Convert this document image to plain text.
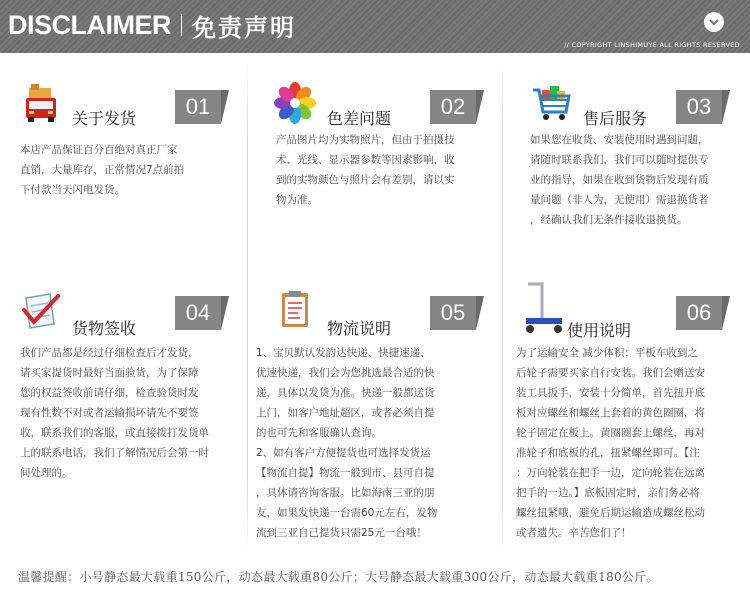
DISCLAIMER 免责声明
// COPYRIGHT LINSHIMUYE ALL RIGHTS RESERVED
关于发货	01
本店产品保证百分百绝对真正厂家
直销，大量库存，正常情况7点前拍
下付款当天闪电发货。
色差问题	02
产品图片均为实物照片，但由于拍摄技
术、光线、显示器参数等因素影响，收
到的实物颜色与照片会有差别，请以实
物为准。
售后服务	03
如果您在收货、安装使用时遇到问题，
请随时联系我们，我们可以随时提供专
业的指导，如果在收到货物后发现有质
量问题（非人为，无使用）需退换货者
，经确认我们无条件接收退换货。
货物签收
04
我们产品都是经过仔细检查后才发货，
请买家提货时最好当面验货，为了保障
您的权益签收前请仔细，检查验货时发
现有性数不对或者运输损坏请先不要签
收，联系我们的客服，或直接拨打发货单
上的联系电话，我们了解情况后会第一时
间处理的。
物流说明
05
1、宝贝默认发韵达快递、快捷速递、
优速快递，我们会为您挑选最合适的快
递，具体以发货为准。快递一般都送货
上门，如客户地址超区，或者必须自提
的也可先和客服确认查询。
2、如有客户方便提货也可选择发货运
【物流自提】物流一般到市、县可自提
，具体请咨询客服。比如海南三亚的朋
友，如果发快递一台需60元左右，发物
流到三亚自己提货只需25元一台哦！
使用说明
06
为了运输安全 减少体积：平板车收到之
后轮子需要买家自行安装。我们会赠送安
装工具扳手，安装十分简单，首先扭开底
板对应螺丝和螺丝上套着的黄色圈圈，将
轮子固定在板上。黄圈圈套上螺丝，再对
准轮子和底板的孔，扭紧螺丝即可。【注
：万向轮装在把手一边，定向轮装在远离
把手的一边。】底板固定时，亲们务必将
螺丝扭紧哦，避免后期运输造成螺丝松动
或者遗失。辛苦您们了！
温馨提醒：小号静态最大载重150公斤，动态最大载重80公斤；大号静态最大载重300公斤，动态最大载重180公斤。
